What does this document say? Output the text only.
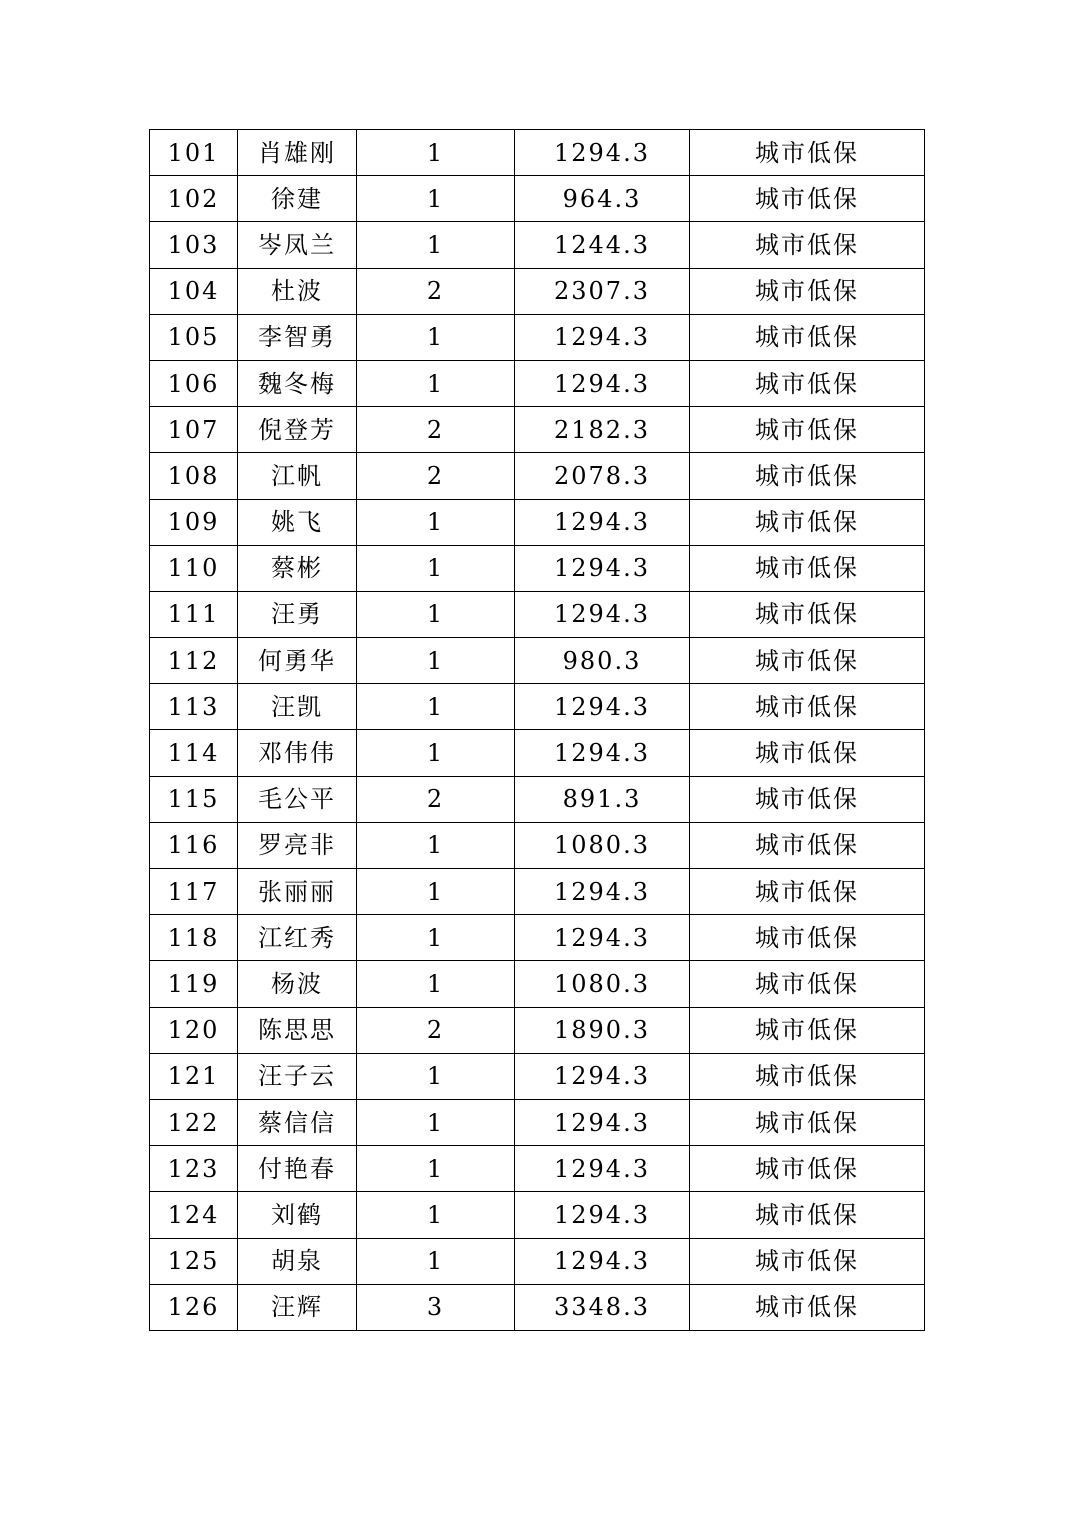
101	肖雄刚	1	1294.3	城市低保
102	徐建	1	964.3	城市低保
103	岑凤兰	1	1244.3	城市低保
104	杜波	2	2307.3	城市低保
105	李智勇	1	1294.3	城市低保
106	魏冬梅	1	1294.3	城市低保
107	倪登芳	2	2182.3	城市低保
108	江帆	2	2078.3	城市低保
109	姚飞	1	1294.3	城市低保
110	蔡彬	1	1294.3	城市低保
111	汪勇	1	1294.3	城市低保
112	何勇华	1	980.3	城市低保
113	汪凯	1	1294.3	城市低保
114	邓伟伟	1	1294.3	城市低保
115	毛公平	2	891.3	城市低保
116	罗亮非	1	1080.3	城市低保
117	张丽丽	1	1294.3	城市低保
118	江红秀	1	1294.3	城市低保
119	杨波	1	1080.3	城市低保
120	陈思思	2	1890.3	城市低保
121	汪子云	1	1294.3	城市低保
122	蔡信信	1	1294.3	城市低保
123	付艳春	1	1294.3	城市低保
124	刘鹤	1	1294.3	城市低保
125	胡泉	1	1294.3	城市低保
126	汪辉	3	3348.3	城市低保
